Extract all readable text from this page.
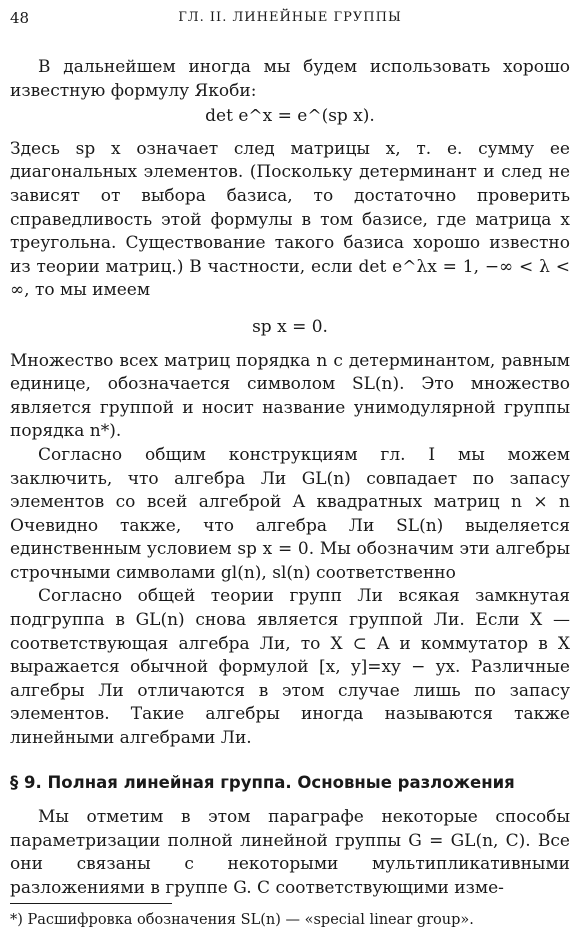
48	ГЛ. II. ЛИНЕЙНЫЕ ГРУППЫ

В дальнейшем иногда мы будем использовать хорошо известную формулу Якоби:

det e^x = e^(sp x).

Здесь sp x означает след матрицы x, т. е. сумму ее диагональных элементов. (Поскольку детерминант и след не зависят от выбора базиса, то достаточно проверить справедливость этой формулы в том базисе, где матрица x треугольна. Существование такого базиса хорошо известно из теории матриц.) В частности, если det e^λx = 1, −∞ < λ < ∞, то мы имеем

sp x = 0.

Множество всех матриц порядка n с детерминантом, равным единице, обозначается символом SL(n). Это множество является группой и носит название унимодулярной группы порядка n*).

Согласно общим конструкциям гл. I мы можем заключить, что алгебра Ли GL(n) совпадает по запасу элементов со всей алгеброй A квадратных матриц n × n Очевидно также, что алгебра Ли SL(n) выделяется единственным условием sp x = 0. Мы обозначим эти алгебры строчными символами gl(n), sl(n) соответственно

Согласно общей теории групп Ли всякая замкнутая подгруппа в GL(n) снова является группой Ли. Если X — соответствующая алгебра Ли, то X ⊂ A и коммутатор в X выражается обычной формулой [x, y]=xy − yx. Различные алгебры Ли отличаются в этом случае лишь по запасу элементов. Такие алгебры иногда называются также линейными алгебрами Ли.

§ 9. Полная линейная группа. Основные разложения

Мы отметим в этом параграфе некоторые способы параметризации полной линейной группы G = GL(n, C). Все они связаны с некоторыми мультипликативными разложениями в группе G. С соответствующими изме-

*) Расшифровка обозначения SL(n) — «special linear group».
